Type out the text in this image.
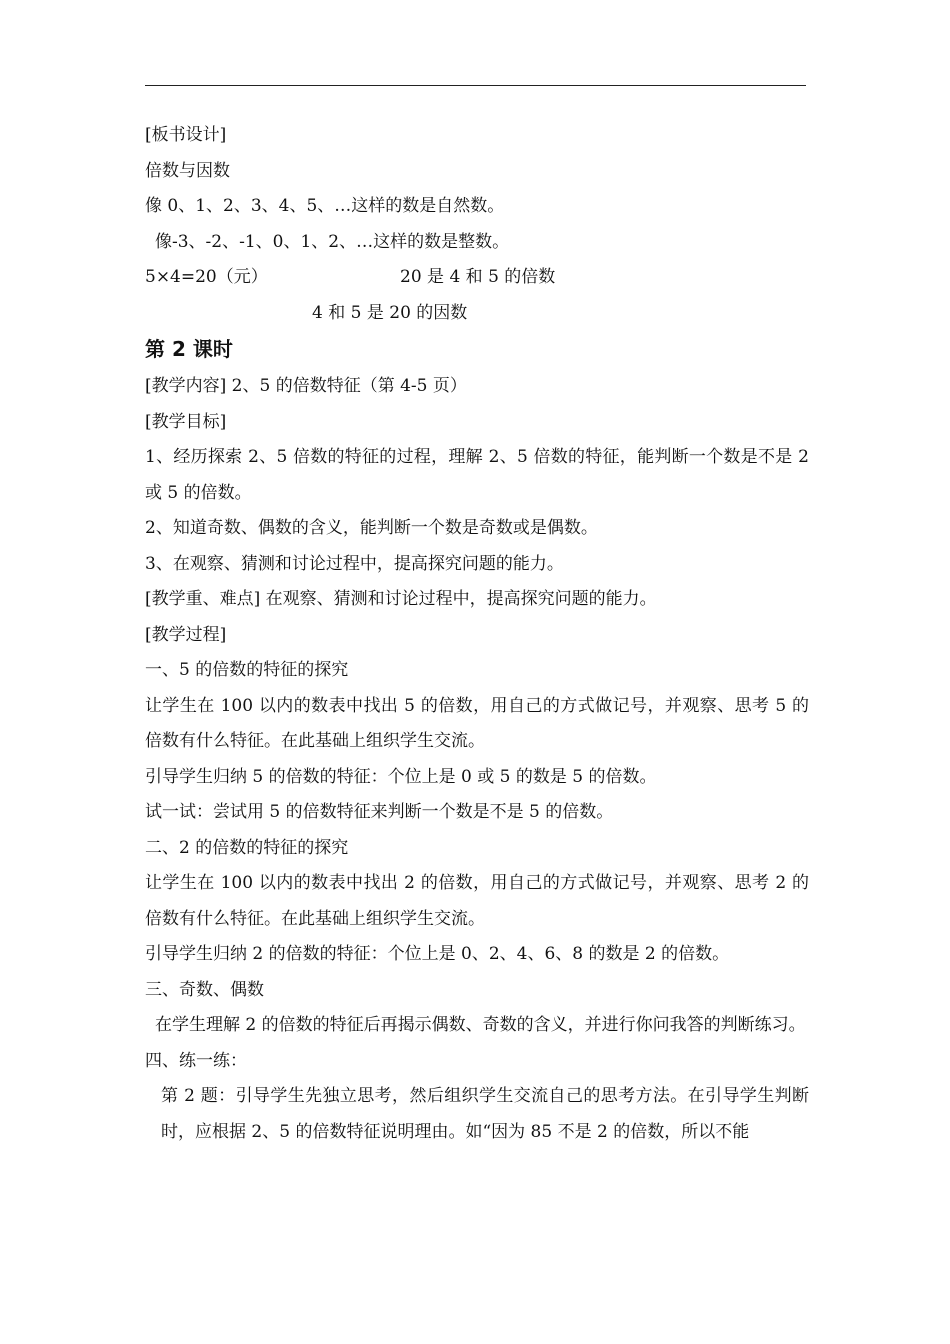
[板书设计]
倍数与因数
像 0、1、2、3、4、5、…这样的数是自然数。
像-3、-2、-1、0、1、2、…这样的数是整数。
5×4=20（元）	20 是 4 和 5 的倍数
4 和 5 是 20 的因数
第 2 课时
[教学内容] 2、5 的倍数特征（第 4-5 页）
[教学目标]
1、经历探索 2、5 倍数的特征的过程，理解 2、5 倍数的特征，能判断一个数是不是 2 或 5 的倍数。
2、知道奇数、偶数的含义，能判断一个数是奇数或是偶数。
3、在观察、猜测和讨论过程中，提高探究问题的能力。
[教学重、难点] 在观察、猜测和讨论过程中，提高探究问题的能力。
[教学过程]
一、5 的倍数的特征的探究
让学生在 100 以内的数表中找出 5 的倍数，用自己的方式做记号，并观察、思考 5 的倍数有什么特征。在此基础上组织学生交流。
引导学生归纳 5 的倍数的特征：个位上是 0 或 5 的数是 5 的倍数。
试一试：尝试用 5 的倍数特征来判断一个数是不是 5 的倍数。
二、2 的倍数的特征的探究
让学生在 100 以内的数表中找出 2 的倍数，用自己的方式做记号，并观察、思考 2 的倍数有什么特征。在此基础上组织学生交流。
引导学生归纳 2 的倍数的特征：个位上是 0、2、4、6、8 的数是 2 的倍数。
三、奇数、偶数
在学生理解 2 的倍数的特征后再揭示偶数、奇数的含义，并进行你问我答的判断练习。
四、练一练：
第 2 题：引导学生先独立思考，然后组织学生交流自己的思考方法。在引导学生判断时，应根据 2、5 的倍数特征说明理由。如“因为 85 不是 2 的倍数，所以不能
